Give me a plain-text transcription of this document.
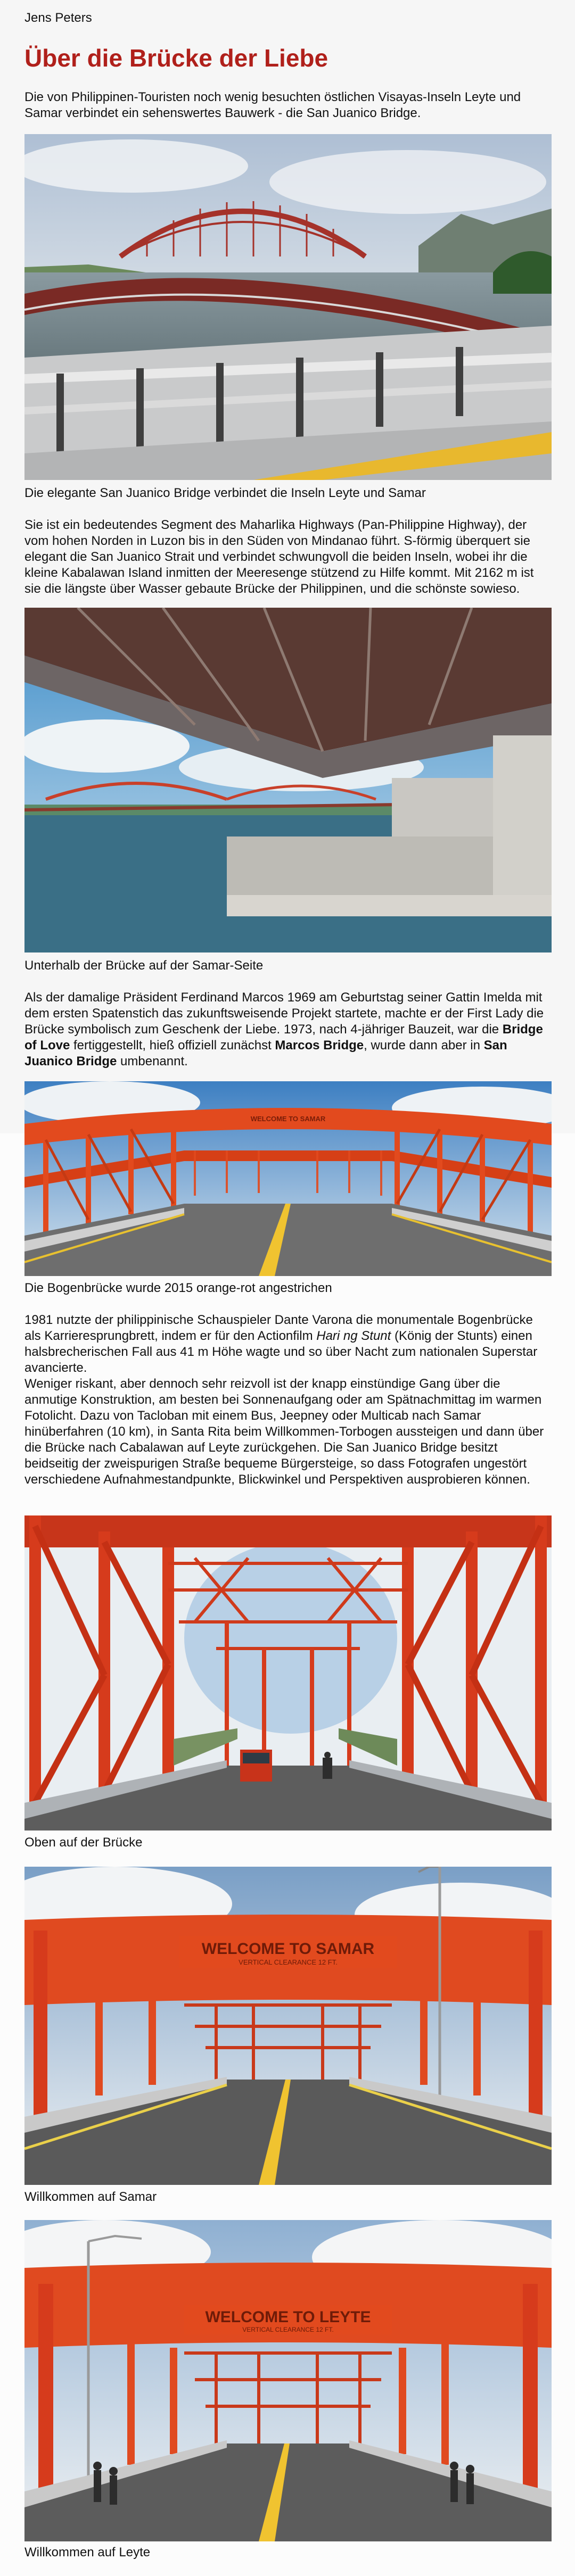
Jens Peters
Über die Brücke der Liebe

Die von Philippinen-Touristen noch wenig besuchten östlichen Visayas-Inseln Leyte und Samar verbindet ein sehenswertes Bauwerk - die San Juanico Bridge.

Die elegante San Juanico Bridge verbindet die Inseln Leyte und Samar

Sie ist ein bedeutendes Segment des Maharlika Highways (Pan-Philippine Highway), der vom hohen Norden in Luzon bis in den Süden von Mindanao führt. S-förmig überquert sie elegant die San Juanico Strait und verbindet schwungvoll die beiden Inseln, wobei ihr die kleine Kabalawan Island inmitten der Meeresenge stützend zu Hilfe kommt. Mit 2162 m ist sie die längste über Wasser gebaute Brücke der Philippinen, und die schönste sowieso.

Unterhalb der Brücke auf der Samar-Seite

Als der damalige Präsident Ferdinand Marcos 1969 am Geburtstag seiner Gattin Imelda mit dem ersten Spatenstich das zukunftsweisende Projekt startete, machte er der First Lady die Brücke symbolisch zum Geschenk der Liebe. 1973, nach 4-jähriger Bauzeit, war die Bridge of Love fertiggestellt, hieß offiziell zunächst Marcos Bridge, wurde dann aber in San Juanico Bridge umbenannt.

WELCOME TO SAMAR
Die Bogenbrücke wurde 2015 orange-rot angestrichen

1981 nutzte der philippinische Schauspieler Dante Varona die monumentale Bogenbrücke als Karrieresprungbrett, indem er für den Actionfilm Hari ng Stunt (König der Stunts) einen halsbrecherischen Fall aus 41 m Höhe wagte und so über Nacht zum nationalen Superstar avancierte.

Weniger riskant, aber dennoch sehr reizvoll ist der knapp einstündige Gang über die anmutige Konstruktion, am besten bei Sonnenaufgang oder am Spätnachmittag im warmen Fotolicht. Dazu von Tacloban mit einem Bus, Jeepney oder Multicab nach Samar hinüberfahren (10 km), in Santa Rita beim Willkommen-Torbogen aussteigen und dann über die Brücke nach Cabalawan auf Leyte zurückgehen. Die San Juanico Bridge besitzt beidseitig der zweispurigen Straße bequeme Bürgersteige, so dass Fotografen ungestört verschiedene Aufnahmestandpunkte, Blickwinkel und Perspektiven ausprobieren können.

Oben auf der Brücke
WELCOME TO SAMAR
VERTICAL CLEARANCE 12 FT.
Willkommen auf Samar
WELCOME TO LEYTE
VERTICAL CLEARANCE 12 FT.
Willkommen auf Leyte
